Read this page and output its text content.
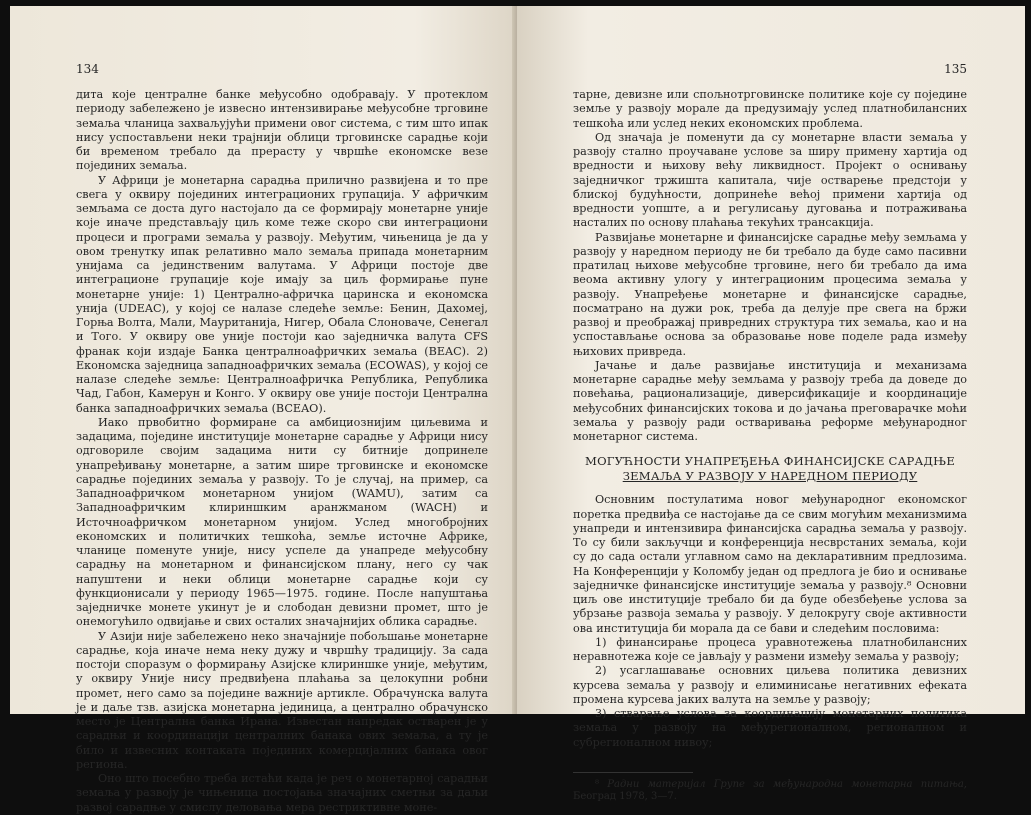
134

дита које централне банке међусобно одобравају. У протеклом периоду забележено је извесно интензивирање међусобне трговине земаља чланица захваљујући примени овог система, с тим што ипак нису успостављени неки трајнији облици трговинске сарадње који би временом требало да прерасту у чвршће економске везе појединих земаља.

У Африци је монетарна сарадња прилично развијена и то пре свега у оквиру појединих интеграционих групација. У афричким земљама се доста дуго настојало да се формирају монетарне уније које иначе представљају циљ коме теже скоро сви интеграциони процеси и програми земаља у развоју. Међутим, чињеница је да у овом тренутку ипак релативно мало земаља припада монетарним унијама са јединственим валутама. У Африци постоје две интеграционе групације које имају за циљ формирање пуне монетарне уније: 1) Централно-афричка царинска и економска унија (UDEAC), у којој се налазе следеће земље: Бенин, Дахомеј, Горња Волта, Мали, Мауританија, Нигер, Обала Слоноваче, Сенегал и Того. У оквиру ове уније постоји као заједничка валута CFS франак који издаје Банка централноафричких земаља (BEAC). 2) Економска заједница западноафричких земаља (ECOWAS), у којој се налазе следеће земље: Централноафричка Република, Република Чад, Габон, Камерун и Конго. У оквиру ове уније постоји Централна банка западноафричких земаља (BCEAO).

Иако првобитно формиране са амбициознијим циљевима и задацима, поједине институције монетарне сарадње у Африци нису одговориле својим задацима нити су битније допринеле унапређивању монетарне, а затим шире трговинске и економске сарадње појединих земаља у развоју. То је случај, на пример, са Западноафричком монетарном унијом (WAMU), затим са Западноафричким клириншким аранжманом (WACH) и Источноафричком монетарном унијом. Услед многобројних економских и политичких тешкоћа, земље источне Африке, чланице поменуте уније, нису успеле да унапреде међусобну сарадњу на монетарном и финансијском плану, него су чак напуштени и неки облици монетарне сарадње који су функционисали у периоду 1965—1975. године. После напуштања заједничке монете укинут је и слободан девизни промет, што је онемогућило одвијање и свих осталих значајнијих облика сарадње.

У Азији није забележено неко значајније побољшање монетарне сарадње, која иначе нема неку дужу и чвршћу традицију. За сада постоји споразум о формирању Азијске клириншке уније, међутим, у оквиру Уније нису предвиђена плаћања за целокупни робни промет, него само за поједине важније артикле. Обрачунска валута је и даље тзв. азијска монетарна јединица, а централно обрачунско место је Централна банка Ирана. Известан напредак остварен је у сарадњи и координацији централних банака ових земаља, а ту је било и извесних контаката појединих комерцијалних банака овог региона.

Оно што посебно треба истаћи када је реч о монетарној сарадњи земаља у развоју је чињеница постојања значајних сметњи за даљи развој сарадње у смислу деловања мера рестриктивне моне-

135

тарне, девизне или спољнотрговинске политике које су поједине земље у развоју морале да предузимају услед платнобилансних тешкоћа или услед неких економских проблема.

Од значаја је поменути да су монетарне власти земаља у развоју стално проучаване услове за ширу примену хартија од вредности и њихову већу ликвидност. Пројект о оснивању заједничког тржишта капитала, чије остварење предстоји у блиској будућности, допринеће већој примени хартија од вредности уопште, а и регулисању дуговања и потраживања насталих по основу плаћања текућих трансакција.

Развијање монетарне и финансијске сарадње међу земљама у развоју у наредном периоду не би требало да буде само пасивни пратилац њихове међусобне трговине, него би требало да има веома активну улогу у интеграционим процесима земаља у развоју. Унапређење монетарне и финансијске сарадње, посматрано на дужи рок, треба да делује пре свега на бржи развој и преображај привредних структура тих земаља, као и на успостављање основа за образовање нове поделе рада између њихових привреда.

Јачање и даље развијање институција и механизама монетарне сарадње међу земљама у развоју треба да доведе до повећања, рационализације, диверсификације и координације међусобних финансијских токова и до јачања преговарачке моћи земаља у развоју ради остваривања реформе међународног монетарног система.

МОГУЋНОСТИ УНАПРЕЂЕЊА ФИНАНСИЈСКЕ САРАДЊЕ
ЗЕМАЉА У РАЗВОЈУ У НАРЕДНОМ ПЕРИОДУ

Основним постулатима новог међународног економског поретка предвиђа се настојање да се свим могућим механизмима унапреди и интензивира финансијска сарадња земаља у развоју. То су били закључци и конференција несврстаних земаља, који су до сада остали углавном само на декларативним предлозима. На Конференцији у Коломбу један од предлога је био и оснивање заједничке финансијске институције земаља у развоју.⁸ Основни циљ ове институције требало би да буде обезбеђење услова за убрзање развоја земаља у развоју. У делокругу своје активности ова институција би морала да се бави и следећим пословима:

1) финансирање процеса уравнотежења платнобилансних неравнотежа које се јављају у размени између земаља у развоју;

2) усаглашавање основних циљева политика девизних курсева земаља у развоју и елиминисање негативних ефеката промена курсева јаких валута на земље у развоју;

3) стварање услова за координацију монетарних политика земаља у развоју на међурегионалном, регионалном и субрегионалном нивоу;

⁸ Радни материјал Групе за међународна монетарна питања, Београд 1978, 3—7.
